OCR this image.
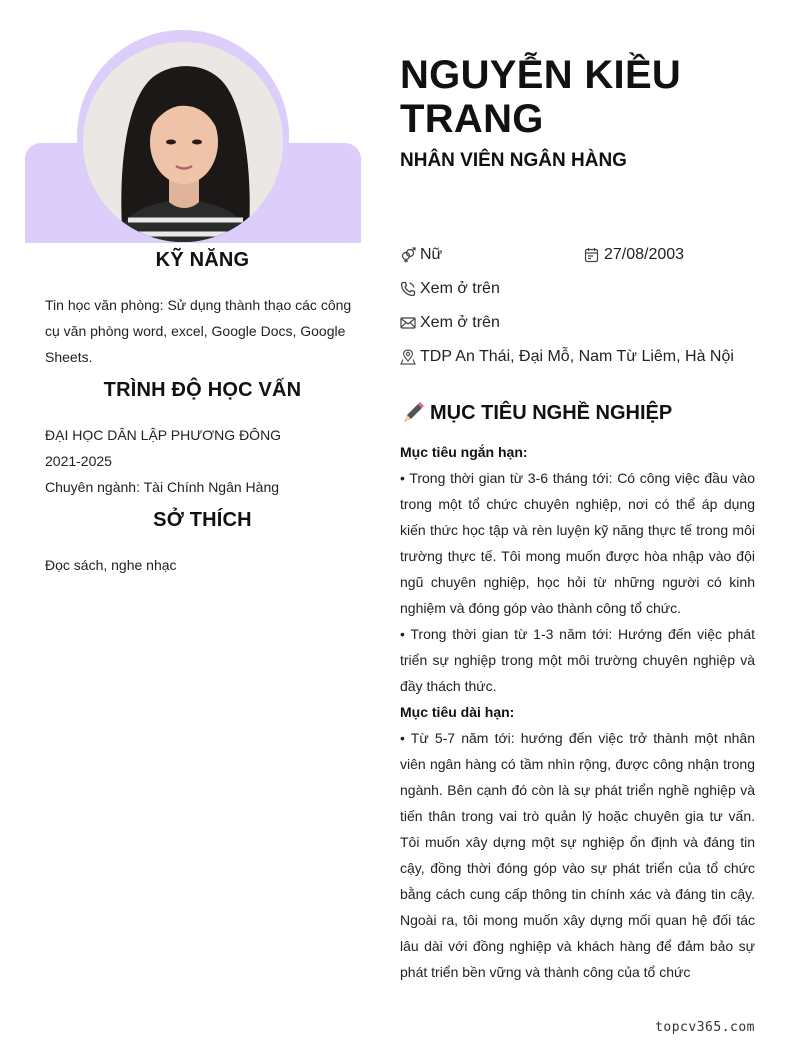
KỸ NĂNG

Tin học văn phòng: Sử dụng thành thạo các công cụ văn phòng word, excel, Google Docs, Google Sheets.

TRÌNH ĐỘ HỌC VẤN

ĐẠI HỌC DÂN LẬP PHƯƠNG ĐÔNG

2021-2025

Chuyên ngành: Tài Chính Ngân Hàng

SỞ THÍCH

Đọc sách, nghe nhạc

NGUYỄN KIỀU TRANG
NHÂN VIÊN NGÂN HÀNG
Nữ	27/08/2003
Xem ở trên
Xem ở trên
TDP An Thái, Đại Mỗ, Nam Từ Liêm, Hà Nội
MỤC TIÊU NGHỀ NGHIỆP
Mục tiêu ngắn hạn:
• Trong thời gian từ 3-6 tháng tới: Có công việc đầu vào trong một tổ chức chuyên nghiệp, nơi có thể áp dụng kiến thức học tập và rèn luyện kỹ năng thực tế trong môi trường thực tế. Tôi mong muốn được hòa nhập vào đội ngũ chuyên nghiệp, học hỏi từ những người có kinh nghiệm và đóng góp vào thành công tổ chức.
• Trong thời gian từ 1-3 năm tới: Hướng đến việc phát triển sự nghiệp trong một môi trường chuyên nghiệp và đầy thách thức.
Mục tiêu dài hạn:
• Từ 5-7 năm tới: hướng đến việc trở thành một nhân viên ngân hàng có tầm nhìn rộng, được công nhận trong ngành. Bên cạnh đó còn là sự phát triển nghề nghiệp và tiến thân trong vai trò quản lý hoặc chuyên gia tư vấn. Tôi muốn xây dựng một sự nghiệp ổn định và đáng tin cậy, đồng thời đóng góp vào sự phát triển của tổ chức bằng cách cung cấp thông tin chính xác và đáng tin cậy. Ngoài ra, tôi mong muốn xây dựng mối quan hệ đối tác lâu dài với đồng nghiệp và khách hàng để đảm bảo sự phát triển bền vững và thành công của tổ chức
topcv365.com
